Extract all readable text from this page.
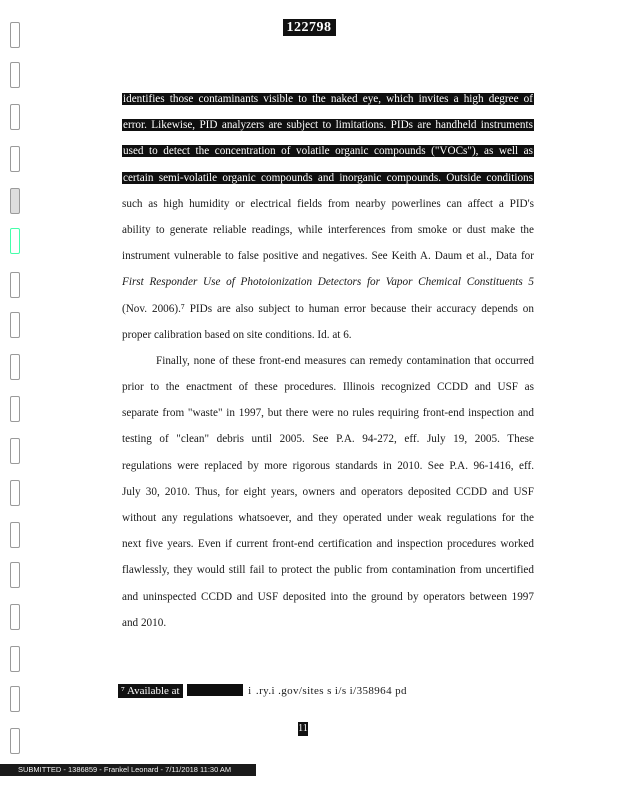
122798
identifies those contaminants visible to the naked eye, which invites a high degree of
error. Likewise, PID analyzers are subject to limitations. PIDs are handheld instruments
used to detect the concentration of volatile organic compounds ("VOCs"), as well as
certain semi-volatile organic compounds and inorganic compounds. Outside conditions
such as high humidity or electrical fields from nearby powerlines can affect a PID's
ability to generate reliable readings, while interferences from smoke or dust make the
instrument vulnerable to false positive and negatives. See Keith A. Daum et al., Data for
First Responder Use of Photoionization Detectors for Vapor Chemical Constituents 5
(Nov. 2006).⁷ PIDs are also subject to human error because their accuracy depends on
proper calibration based on site conditions. Id. at 6.
Finally, none of these front-end measures can remedy contamination that occurred
prior to the enactment of these procedures. Illinois recognized CCDD and USF as
separate from "waste" in 1997, but there were no rules requiring front-end inspection and
testing of "clean" debris until 2005. See P.A. 94-272, eff. July 19, 2005. These
regulations were replaced by more rigorous standards in 2010. See P.A. 96-1416, eff.
July 30, 2010. Thus, for eight years, owners and operators deposited CCDD and USF
without any regulations whatsoever, and they operated under weak regulations for the
next five years. Even if current front-end certification and inspection procedures worked
flawlessly, they would still fail to protect the public from contamination from uncertified
and uninspected CCDD and USF deposited into the ground by operators between 1997
and 2010.
⁷ Available at	i .ry.i .gov/sites s i/s i/358964 pd
11
SUBMITTED - 1386859 - Frankel Leonard - 7/11/2018 11:30 AM
